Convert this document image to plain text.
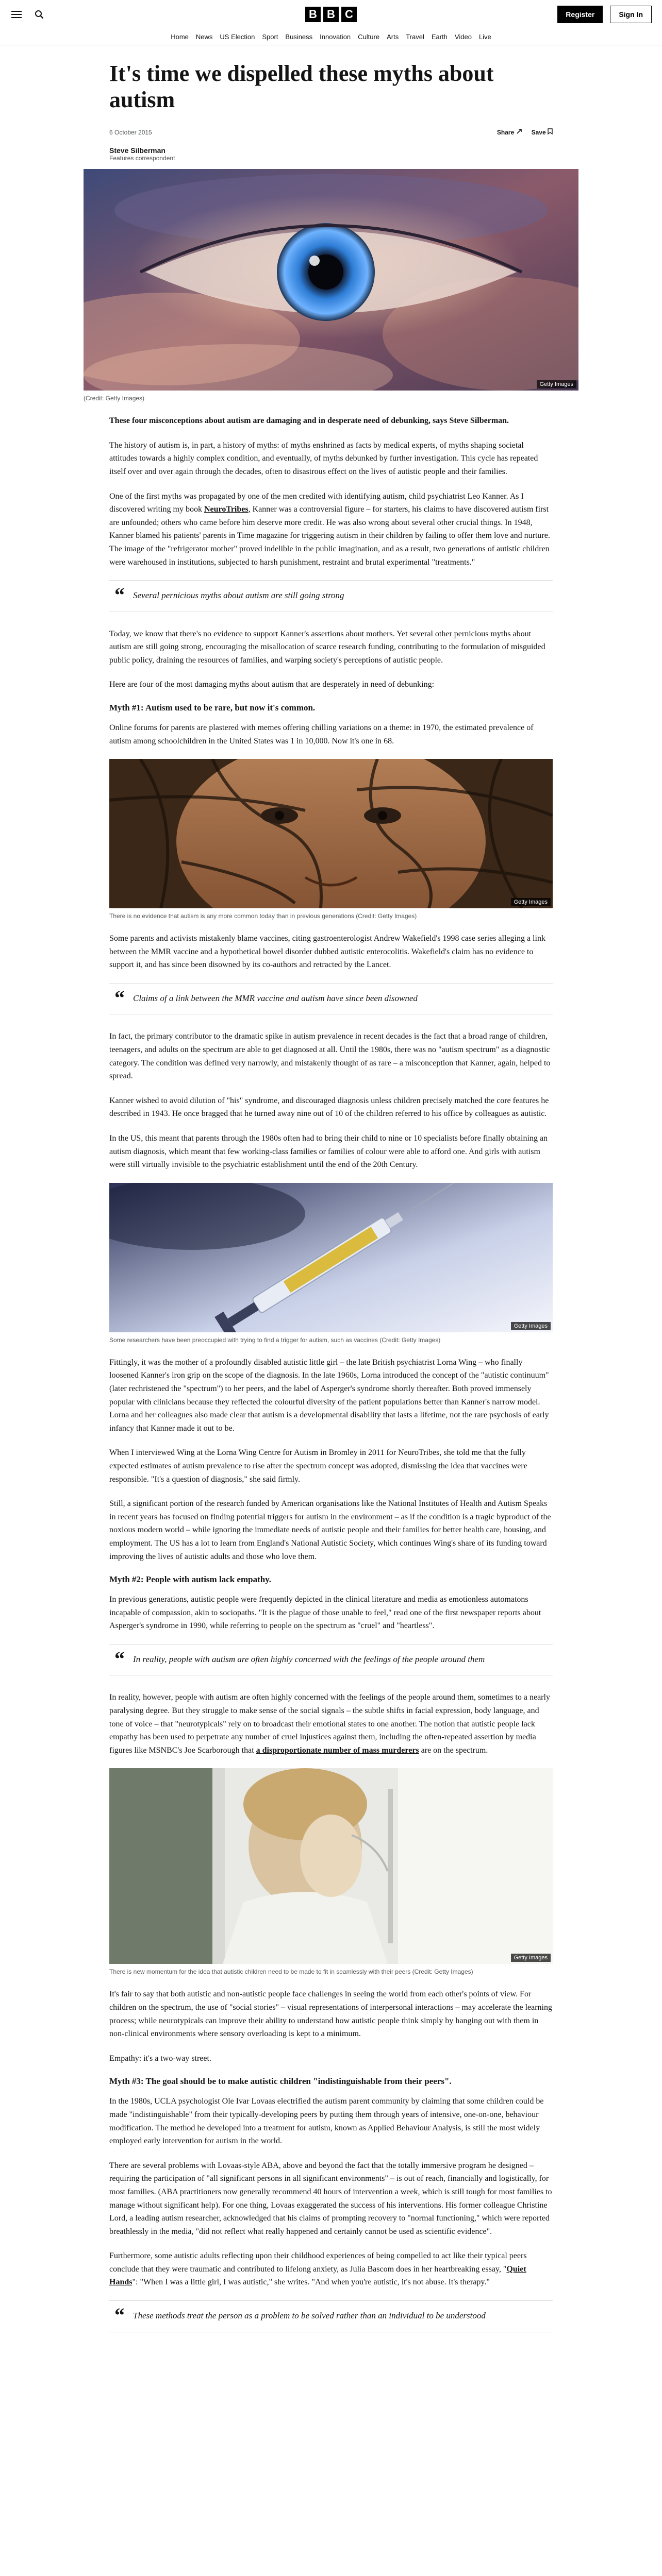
B B C	Register	Sign In
Home News US Election Sport Business Innovation Culture Arts Travel Earth Video Live
It's time we dispelled these myths about autism
6 October 2015	Share	Save
Steve Silberman
Features correspondent
Getty Images
(Credit: Getty Images)

These four misconceptions about autism are damaging and in desperate need of debunking, says Steve Silberman.

The history of autism is, in part, a history of myths: of myths enshrined as facts by medical experts, of myths shaping societal attitudes towards a highly complex condition, and eventually, of myths debunked by further investigation. This cycle has repeated itself over and over again through the decades, often to disastrous effect on the lives of autistic people and their families.

One of the first myths was propagated by one of the men credited with identifying autism, child psychiatrist Leo Kanner. As I discovered writing my book NeuroTribes, Kanner was a controversial figure – for starters, his claims to have discovered autism first are unfounded; others who came before him deserve more credit. He was also wrong about several other crucial things. In 1948, Kanner blamed his patients' parents in Time magazine for triggering autism in their children by failing to offer them love and nurture. The image of the "refrigerator mother" proved indelible in the public imagination, and as a result, two generations of autistic children were warehoused in institutions, subjected to harsh punishment, restraint and brutal experimental "treatments."

“ Several pernicious myths about autism are still going strong

Today, we know that there's no evidence to support Kanner's assertions about mothers. Yet several other pernicious myths about autism are still going strong, encouraging the misallocation of scarce research funding, contributing to the formulation of misguided public policy, draining the resources of families, and warping society's perceptions of autistic people.

Here are four of the most damaging myths about autism that are desperately in need of debunking:

Myth #1: Autism used to be rare, but now it's common.

Online forums for parents are plastered with memes offering chilling variations on a theme: in 1970, the estimated prevalence of autism among schoolchildren in the United States was 1 in 10,000. Now it's one in 68.

Getty Images
There is no evidence that autism is any more common today than in previous generations (Credit: Getty Images)

Some parents and activists mistakenly blame vaccines, citing gastroenterologist Andrew Wakefield's 1998 case series alleging a link between the MMR vaccine and a hypothetical bowel disorder dubbed autistic enterocolitis. Wakefield's claim has no evidence to support it, and has since been disowned by its co-authors and retracted by the Lancet.

“ Claims of a link between the MMR vaccine and autism have since been disowned

In fact, the primary contributor to the dramatic spike in autism prevalence in recent decades is the fact that a broad range of children, teenagers, and adults on the spectrum are able to get diagnosed at all. Until the 1980s, there was no "autism spectrum" as a diagnostic category. The condition was defined very narrowly, and mistakenly thought of as rare – a misconception that Kanner, again, helped to spread.

Kanner wished to avoid dilution of "his" syndrome, and discouraged diagnosis unless children precisely matched the core features he described in 1943. He once bragged that he turned away nine out of 10 of the children referred to his office by colleagues as autistic.

In the US, this meant that parents through the 1980s often had to bring their child to nine or 10 specialists before finally obtaining an autism diagnosis, which meant that few working-class families or families of colour were able to afford one. And girls with autism were still virtually invisible to the psychiatric establishment until the end of the 20th Century.

Getty Images
Some researchers have been preoccupied with trying to find a trigger for autism, such as vaccines (Credit: Getty Images)

Fittingly, it was the mother of a profoundly disabled autistic little girl – the late British psychiatrist Lorna Wing – who finally loosened Kanner's iron grip on the scope of the diagnosis. In the late 1960s, Lorna introduced the concept of the "autistic continuum" (later rechristened the "spectrum") to her peers, and the label of Asperger's syndrome shortly thereafter. Both proved immensely popular with clinicians because they reflected the colourful diversity of the patient populations better than Kanner's narrow model. Lorna and her colleagues also made clear that autism is a developmental disability that lasts a lifetime, not the rare psychosis of early infancy that Kanner made it out to be.

When I interviewed Wing at the Lorna Wing Centre for Autism in Bromley in 2011 for NeuroTribes, she told me that the fully expected estimates of autism prevalence to rise after the spectrum concept was adopted, dismissing the idea that vaccines were responsible. "It's a question of diagnosis," she said firmly.

Still, a significant portion of the research funded by American organisations like the National Institutes of Health and Autism Speaks in recent years has focused on finding potential triggers for autism in the environment – as if the condition is a tragic byproduct of the noxious modern world – while ignoring the immediate needs of autistic people and their families for better health care, housing, and employment. The US has a lot to learn from England's National Autistic Society, which continues Wing's share of its funding toward improving the lives of autistic adults and those who love them.

Myth #2: People with autism lack empathy.

In previous generations, autistic people were frequently depicted in the clinical literature and media as emotionless automatons incapable of compassion, akin to sociopaths. "It is the plague of those unable to feel," read one of the first newspaper reports about Asperger's syndrome in 1990, while referring to people on the spectrum as "cruel" and "heartless".

“ In reality, people with autism are often highly concerned with the feelings of the people around them

In reality, however, people with autism are often highly concerned with the feelings of the people around them, sometimes to a nearly paralysing degree. But they struggle to make sense of the social signals – the subtle shifts in facial expression, body language, and tone of voice – that "neurotypicals" rely on to broadcast their emotional states to one another. The notion that autistic people lack empathy has been used to perpetrate any number of cruel injustices against them, including the often-repeated assertion by media figures like MSNBC's Joe Scarborough that a disproportionate number of mass murderers are on the spectrum.

Getty Images
There is new momentum for the idea that autistic children need to be made to fit in seamlessly with their peers (Credit: Getty Images)

It's fair to say that both autistic and non-autistic people face challenges in seeing the world from each other's points of view. For children on the spectrum, the use of "social stories" – visual representations of interpersonal interactions – may accelerate the learning process; while neurotypicals can improve their ability to understand how autistic people think simply by hanging out with them in non-clinical environments where sensory overloading is kept to a minimum.

Empathy: it's a two-way street.

Myth #3: The goal should be to make autistic children "indistinguishable from their peers".

In the 1980s, UCLA psychologist Ole Ivar Lovaas electrified the autism parent community by claiming that some children could be made "indistinguishable" from their typically-developing peers by putting them through years of intensive, one-on-one, behaviour modification. The method he developed into a treatment for autism, known as Applied Behaviour Analysis, is still the most widely employed early intervention for autism in the world.

There are several problems with Lovaas-style ABA, above and beyond the fact that the totally immersive program he designed – requiring the participation of "all significant persons in all significant environments" – is out of reach, financially and logistically, for most families. (ABA practitioners now generally recommend 40 hours of intervention a week, which is still tough for most families to manage without significant help). For one thing, Lovaas exaggerated the success of his interventions. His former colleague Christine Lord, a leading autism researcher, acknowledged that his claims of prompting recovery to "normal functioning," which were reported breathlessly in the media, "did not reflect what really happened and certainly cannot be used as scientific evidence".

Furthermore, some autistic adults reflecting upon their childhood experiences of being compelled to act like their typical peers conclude that they were traumatic and contributed to lifelong anxiety, as Julia Bascom does in her heartbreaking essay, "Quiet Hands": "When I was a little girl, I was autistic," she writes. "And when you're autistic, it's not abuse. It's therapy."

“ These methods treat the person as a problem to be solved rather than an individual to be understood
